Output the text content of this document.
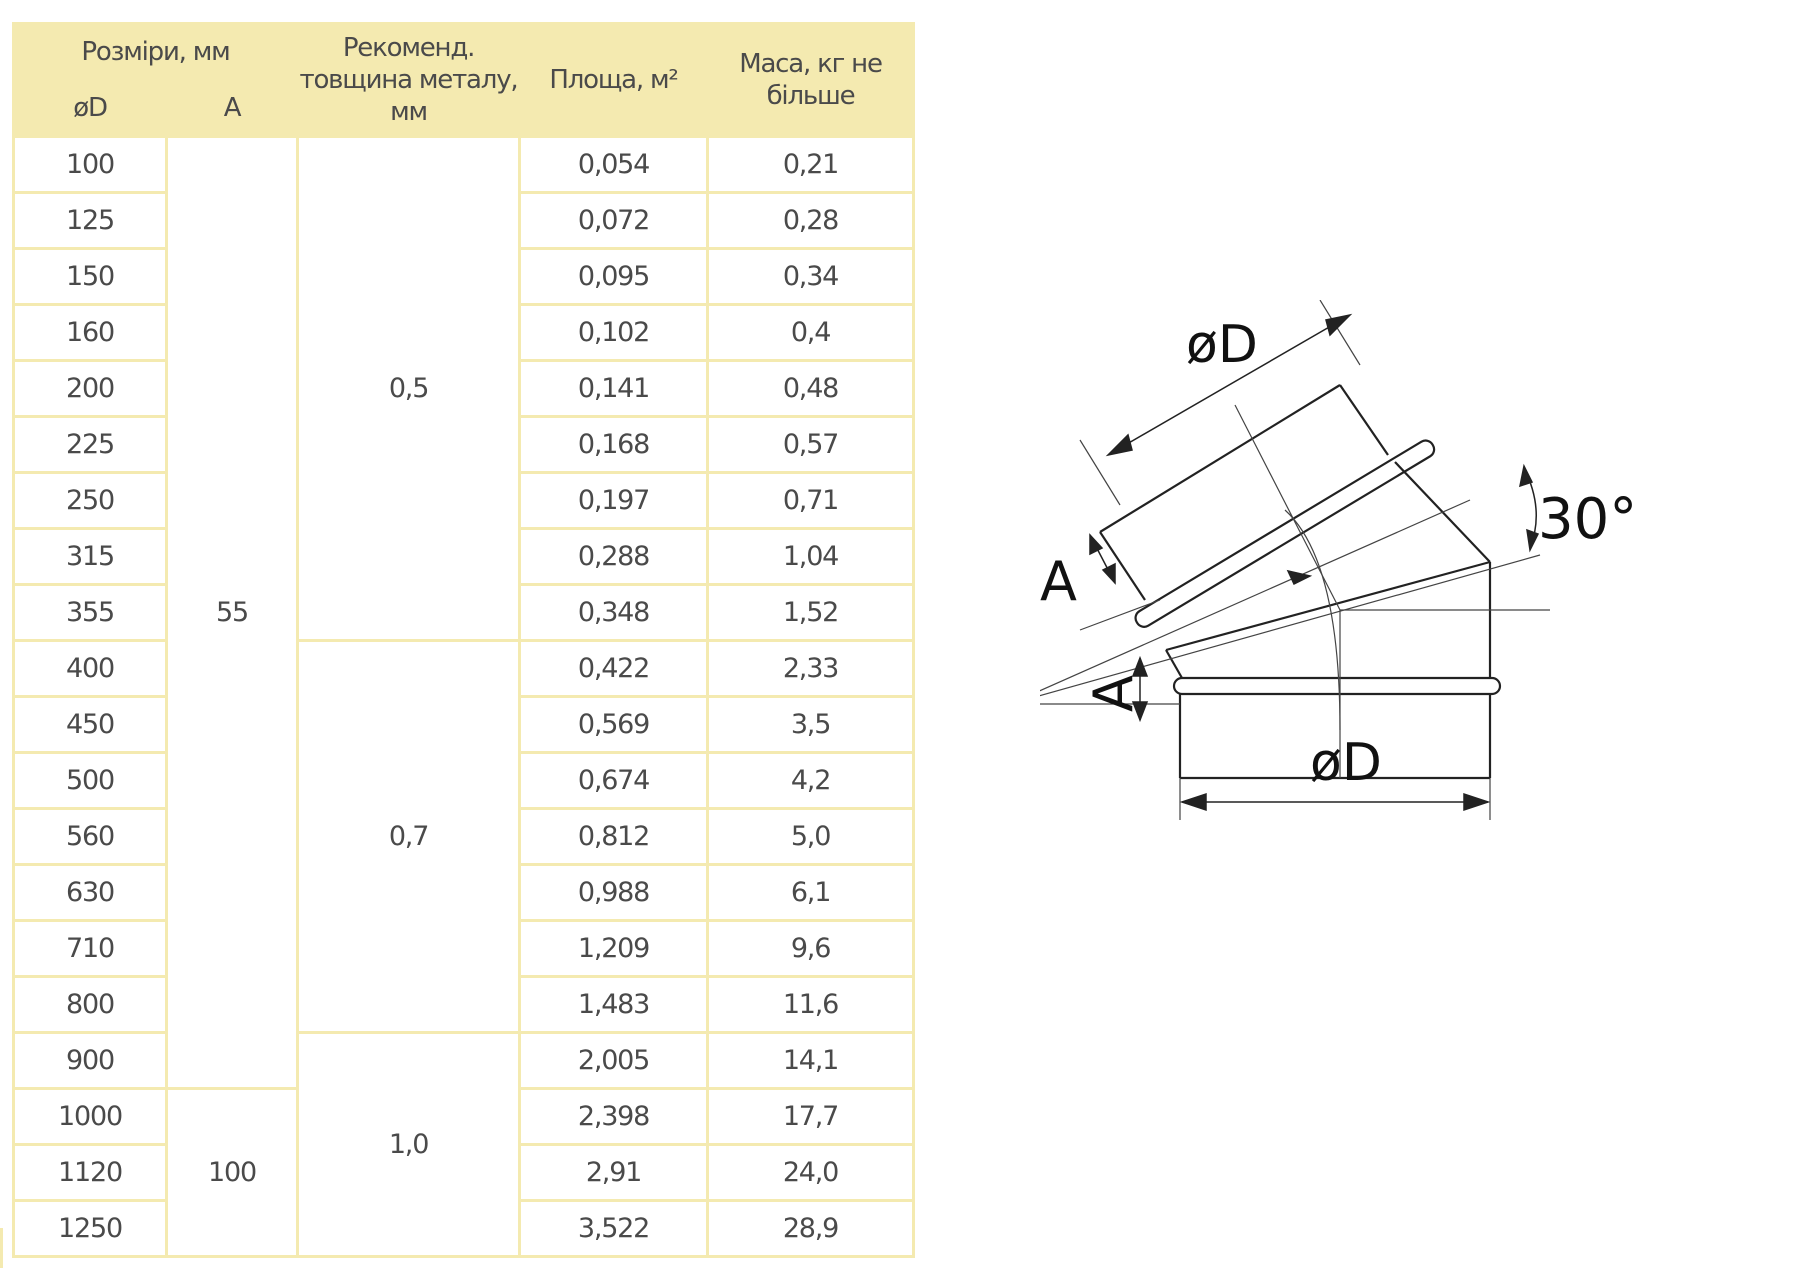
Розміри, мм		Рекоменд. товщина металу, мм	Площа, м²	Маса, кг не більше
øD	А			
100	55	0,5	0,054	0,21
125			0,072	0,28
150			0,095	0,34
160			0,102	0,4
200			0,141	0,48
225			0,168	0,57
250			0,197	0,71
315			0,288	1,04
355			0,348	1,52
400		0,7	0,422	2,33
450			0,569	3,5
500			0,674	4,2
560			0,812	5,0
630			0,988	6,1
710			1,209	9,6
800			1,483	11,6
900		1,0	2,005	14,1
1000	100		2,398	17,7
1120			2,91	24,0
1250			3,522	28,9
øD
øD
А
А
30°
